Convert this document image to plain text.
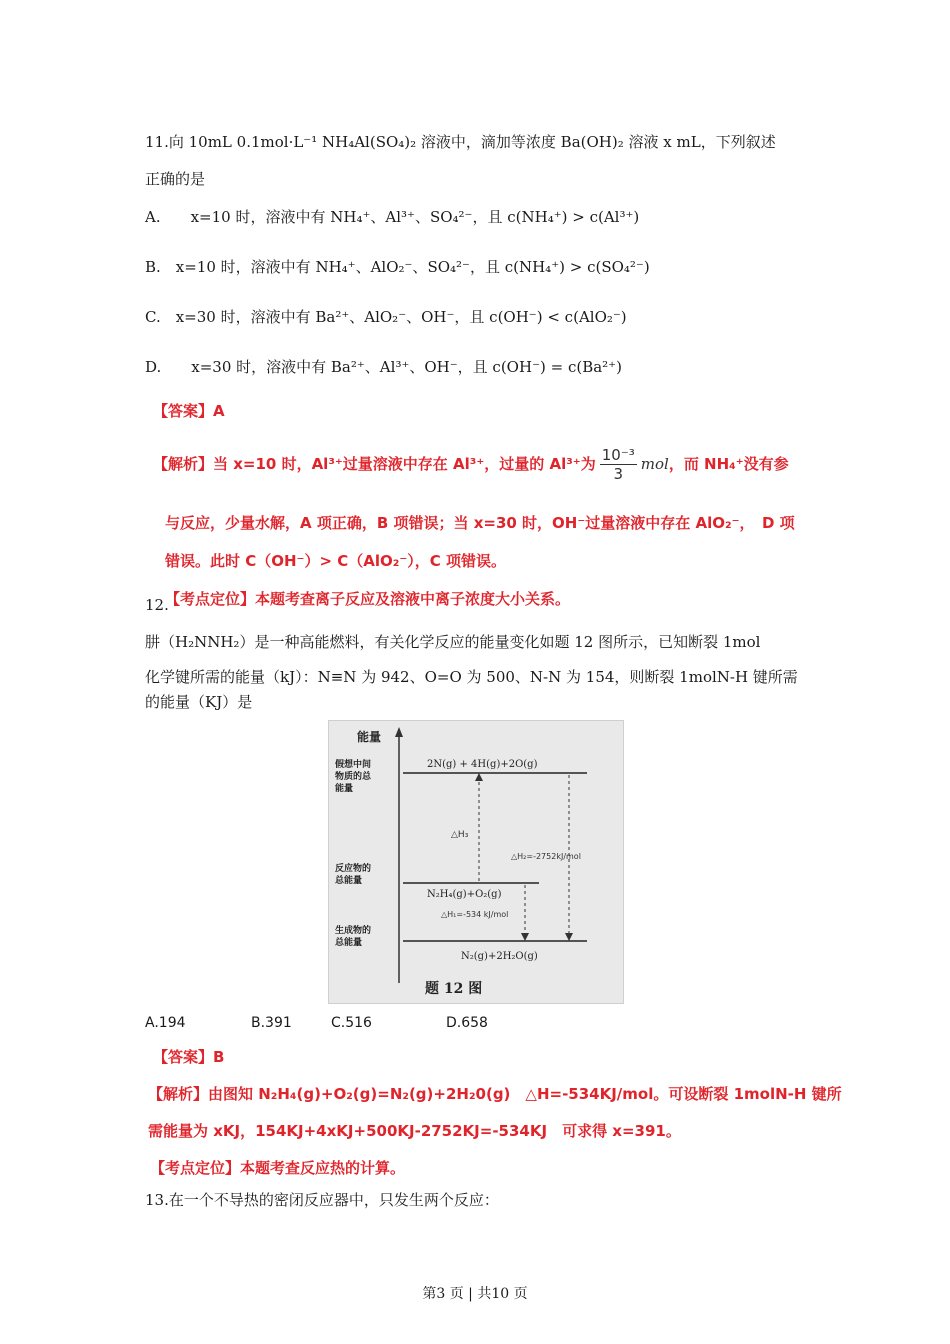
11.向 10mL 0.1mol·L⁻¹ NH₄Al(SO₄)₂ 溶液中，滴加等浓度 Ba(OH)₂ 溶液 x mL，下列叙述
正确的是
A.　　x=10 时，溶液中有 NH₄⁺、Al³⁺、SO₄²⁻，且 c(NH₄⁺) > c(Al³⁺)
B.　x=10 时，溶液中有 NH₄⁺、AlO₂⁻、SO₄²⁻，且 c(NH₄⁺) > c(SO₄²⁻)
C.　x=30 时，溶液中有 Ba²⁺、AlO₂⁻、OH⁻，且 c(OH⁻) < c(AlO₂⁻)
D.　　x=30 时，溶液中有 Ba²⁺、Al³⁺、OH⁻，且 c(OH⁻) = c(Ba²⁺)
【答案】A
【解析】当 x=10 时，Al³⁺过量溶液中存在 Al³⁺，过量的 Al³⁺为 $\frac{\text{10⁻³}}{3}$ mol，而 NH₄⁺没有参
与反应，少量水解，A 项正确，B 项错误；当 x=30 时，OH⁻过量溶液中存在 AlO₂⁻，　D 项
错误。此时 C（OH⁻）> C（AlO₂⁻），C 项错误。
【考点定位】本题考查离子反应及溶液中离子浓度大小关系。
12.
肼（H₂NNH₂）是一种高能燃料，有关化学反应的能量变化如题 12 图所示，已知断裂 1mol
化学键所需的能量（kJ）：N≡N 为 942、O=O 为 500、N-N 为 154，则断裂 1molN-H 键所需
的能量（KJ）是
能量
假想中间
物质的总
能量
反应物的
总能量
生成物的
总能量
2N(g) + 4H(g)+2O(g)
N₂H₄(g)+O₂(g)
N₂(g)+2H₂O(g)
△H₃
△H₂=-2752kJ/mol
△H₁=-534 kJ/mol
题 12 图
A.194	B.391	C.516	D.658
【答案】B
【解析】由图知 N₂H₄(g)+O₂(g)=N₂(g)+2H₂0(g)　△H=-534KJ/mol。可设断裂 1molN-H 键所
需能量为 xKJ，154KJ+4xKJ+500KJ-2752KJ=-534KJ　可求得 x=391。
【考点定位】本题考查反应热的计算。
13.在一个不导热的密闭反应器中，只发生两个反应：
第3 页 | 共10 页
